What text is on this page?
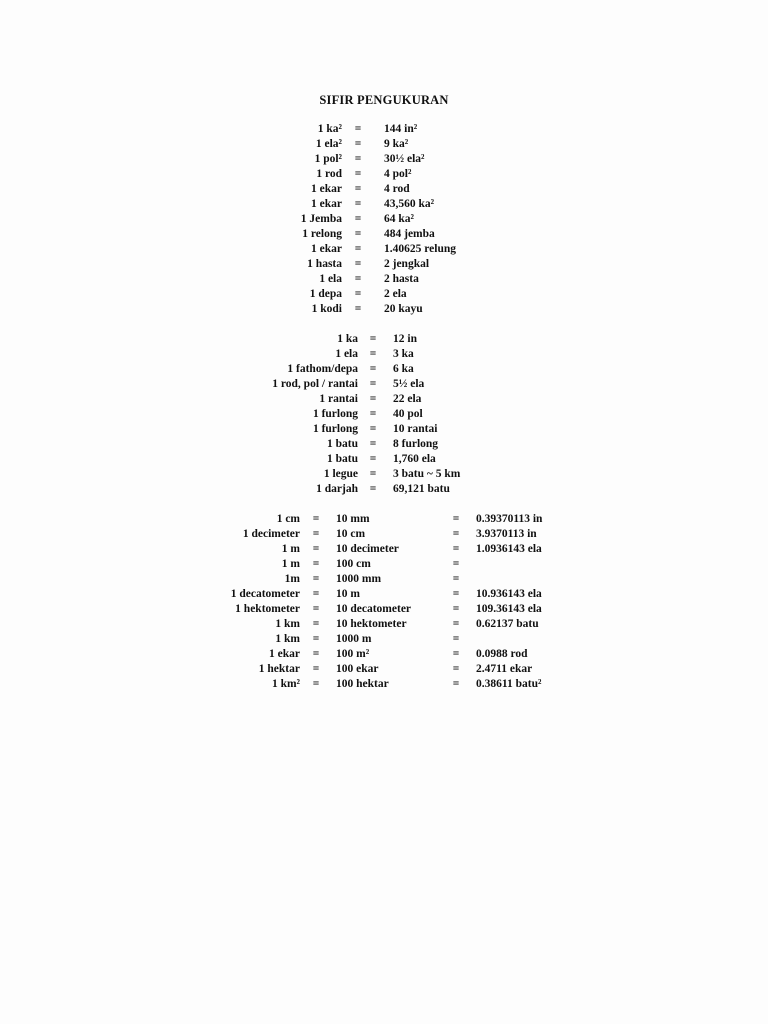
SIFIR PENGUKURAN
1 ka²	=	144 in²
1 ela²	=	9 ka²
1 pol²	=	30½ ela²
1 rod	=	4 pol²
1 ekar	=	4 rod
1 ekar	=	43,560 ka²
1 Jemba	=	64 ka²
1 relong	=	484 jemba
1 ekar	=	1.40625 relung
1 hasta	=	2 jengkal
1 ela	=	2 hasta
1 depa	=	2 ela
1 kodi	=	20 kayu
1 ka	=	12 in
1 ela	=	3 ka
1 fathom/depa	=	6 ka
1 rod, pol / rantai	=	5½ ela
1 rantai	=	22 ela
1 furlong	=	40 pol
1 furlong	=	10 rantai
1 batu	=	8 furlong
1 batu	=	1,760 ela
1 legue	=	3 batu ~ 5 km
1 darjah	=	69,121 batu
1 cm	=	10 mm	=	0.39370113 in
1 decimeter	=	10 cm	=	3.9370113 in
1 m	=	10 decimeter	=	1.0936143 ela
1 m	=	100 cm	=
1m	=	1000 mm	=
1 decatometer	=	10 m	=	10.936143 ela
1 hektometer	=	10 decatometer	=	109.36143 ela
1 km	=	10 hektometer	=	0.62137 batu
1 km	=	1000 m	=
1 ekar	=	100 m²	=	0.0988 rod
1 hektar	=	100 ekar	=	2.4711 ekar
1 km²	=	100 hektar	=	0.38611 batu²
